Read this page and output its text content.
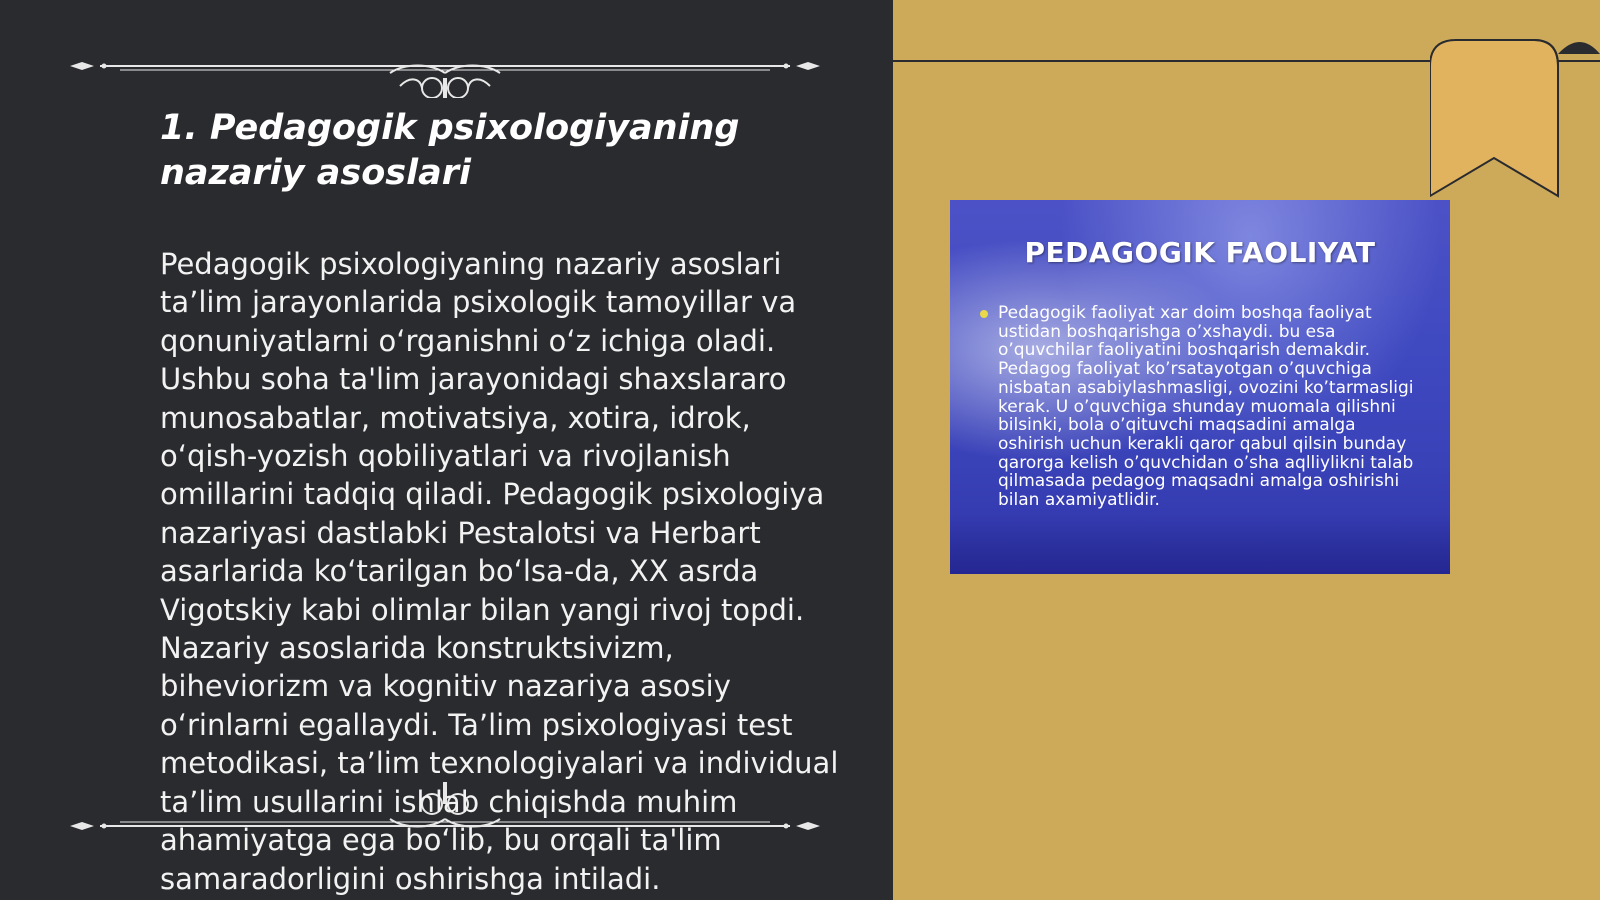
1. Pedagogik psixologiyaning nazariy asoslari

Pedagogik psixologiyaning nazariy asoslari ta’lim jarayonlarida psixologik tamoyillar va qonuniyatlarni o‘rganishni o‘z ichiga oladi. Ushbu soha ta'lim jarayonidagi shaxslararo munosabatlar, motivatsiya, xotira, idrok, o‘qish-yozish qobiliyatlari va rivojlanish omillarini tadqiq qiladi. Pedagogik psixologiya nazariyasi dastlabki Pestalotsi va Herbart asarlarida ko‘tarilgan bo‘lsa-da, XX asrda Vigotskiy kabi olimlar bilan yangi rivoj topdi. Nazariy asoslarida konstruktsivizm, biheviorizm va kognitiv nazariya asosiy o‘rinlarni egallaydi. Ta’lim psixologiyasi test metodikasi, ta’lim texnologiyalari va individual ta’lim usullarini ishlab chiqishda muhim ahamiyatga ega bo‘lib, bu orqali ta'lim samaradorligini oshirishga intiladi.

PEDAGOGIK FAOLIYAT
Pedagogik faoliyat xar doim boshqa faoliyat ustidan boshqarishga o’xshaydi. bu esa o’quvchilar faoliyatini boshqarish demakdir. Pedagog faoliyat ko’rsatayotgan o’quvchiga nisbatan asabiylashmasligi, ovozini ko’tarmasligi kerak. U o’quvchiga shunday muomala qilishni bilsinki, bola o’qituvchi maqsadini amalga oshirish uchun kerakli qaror qabul qilsin bunday qarorga kelish o’quvchidan o’sha aqlliylikni talab qilmasada pedagog maqsadni amalga oshirishi bilan axamiyatlidir.
